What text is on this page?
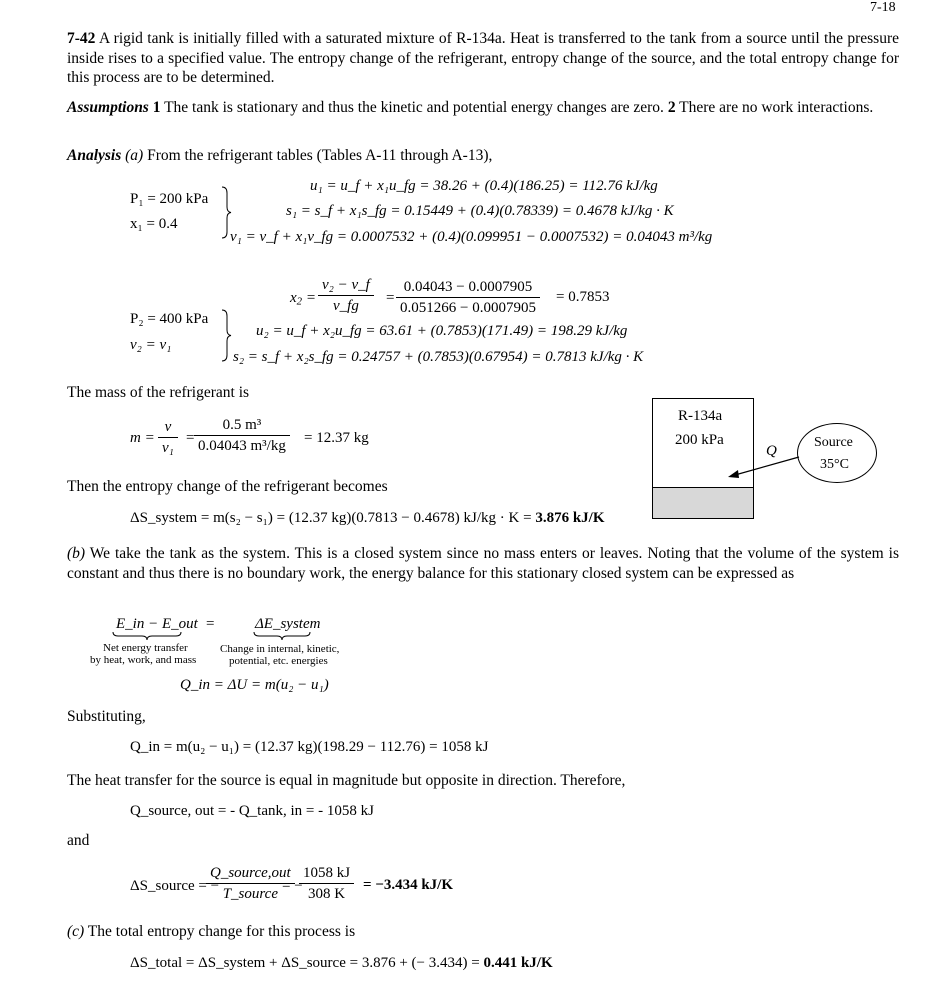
7-18
7-42 A rigid tank is initially filled with a saturated mixture of R-134a. Heat is transferred to the tank from a source until the pressure inside rises to a specified value. The entropy change of the refrigerant, entropy change of the source, and the total entropy change for this process are to be determined.
Assumptions 1 The tank is stationary and thus the kinetic and potential energy changes are zero. 2 There are no work interactions.
Analysis (a) From the refrigerant tables (Tables A-11 through A-13),
P₁ = 200 kPa
x₁ = 0.4
u₁ = u_f + x₁u_fg = 38.26 + (0.4)(186.25) = 112.76 kJ/kg
s₁ = s_f + x₁s_fg = 0.15449 + (0.4)(0.78339) = 0.4678 kJ/kg · K
v₁ = v_f + x₁v_fg = 0.0007532 + (0.4)(0.099951 − 0.0007532) = 0.04043 m³/kg
$x_2 = \frac{\text{v₂ − v\_f}}{v\_fg} = \frac{0.04043 - 0.0007905}{0.051266 - 0.0007905} = 0.7853$
P₂ = 400 kPa
v₂ = v₁
u₂ = u_f + x₂u_fg = 63.61 + (0.7853)(171.49) = 198.29 kJ/kg
s₂ = s_f + x₂s_fg = 0.24757 + (0.7853)(0.67954) = 0.7813 kJ/kg · K
The mass of the refrigerant is
$m = \frac{v}{\text{v₁}} = \frac{\text{0.5 m³}}{\text{0.04043 m³/kg}} = 12.37$ kg
Then the entropy change of the refrigerant becomes
ΔS_system = m(s₂ − s₁) = (12.37 kg)(0.7813 − 0.4678) kJ/kg · K = 3.876 kJ/K
R-134a
200 kPa
Q
Source
35°C
(b) We take the tank as the system. This is a closed system since no mass enters or leaves. Noting that the volume of the system is constant and thus there is no boundary work, the energy balance for this stationary closed system can be expressed as
E_in − E_out =	ΔE_system
Net energy transfer
by heat, work, and mass
Change in internal, kinetic,
potential, etc. energies
Q_in = ΔU = m(u₂ − u₁)
Substituting,
Q_in = m(u₂ − u₁) = (12.37 kg)(198.29 − 112.76) = 1058 kJ
The heat transfer for the source is equal in magnitude but opposite in direction. Therefore,
Q_source, out = - Q_tank, in = - 1058 kJ
and
ΔS_source = −
Q_source,out
T_source = −
$\frac{1058 kJ}{308 K} = -3.434$ kJ/K
(c) The total entropy change for this process is
ΔS_total = ΔS_system + ΔS_source = 3.876 + (− 3.434) = 0.441 kJ/K
